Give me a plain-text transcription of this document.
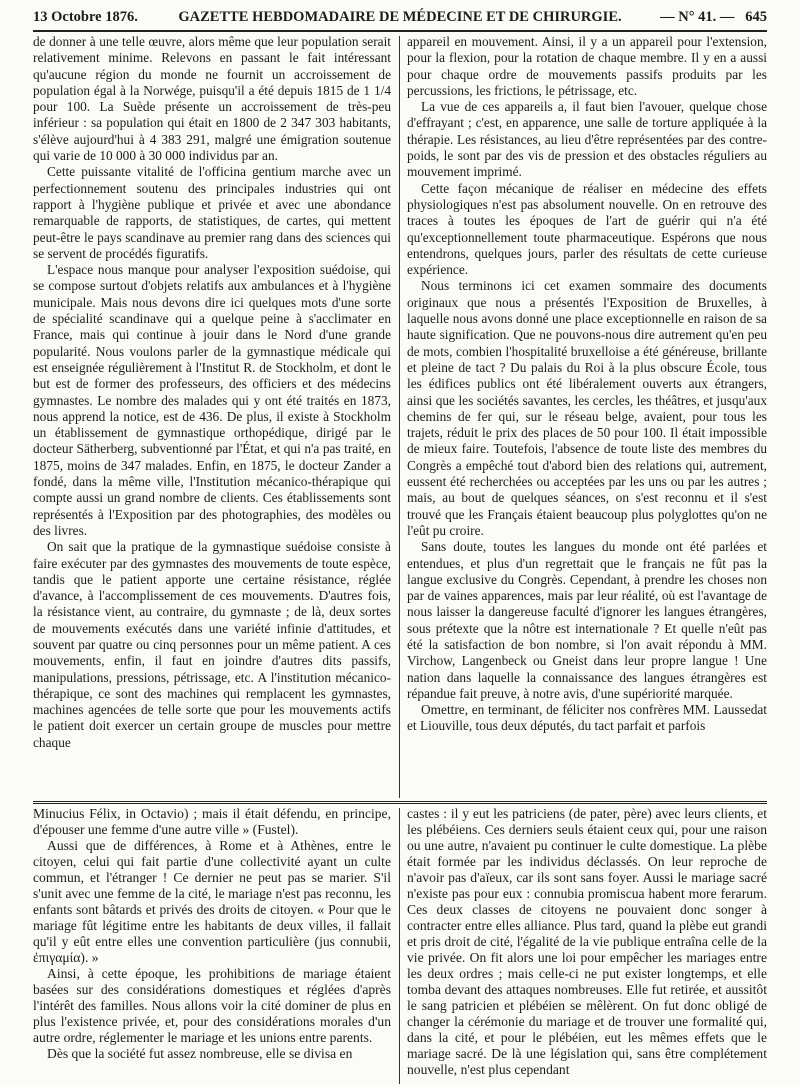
13 Octobre 1876.	GAZETTE HEBDOMADAIRE DE MÉDECINE ET DE CHIRURGIE.	— N° 41. — 645

de donner à une telle œuvre, alors même que leur population serait relativement minime. Relevons en passant le fait intéressant qu'aucune région du monde ne fournit un accroissement de population égal à la Norwége, puisqu'il a été depuis 1815 de 1 1/4 pour 100. La Suède présente un accroissement de très-peu inférieur : sa population qui était en 1800 de 2 347 303 habitants, s'élève aujourd'hui à 4 383 291, malgré une émigration soutenue qui varie de 10 000 à 30 000 individus par an.

Cette puissante vitalité de l'officina gentium marche avec un perfectionnement soutenu des principales industries qui ont rapport à l'hygiène publique et privée et avec une abondance remarquable de rapports, de statistiques, de cartes, qui mettent peut-être le pays scandinave au premier rang dans des sciences qui se servent de procédés figuratifs.

L'espace nous manque pour analyser l'exposition suédoise, qui se compose surtout d'objets relatifs aux ambulances et à l'hygiène municipale. Mais nous devons dire ici quelques mots d'une sorte de spécialité scandinave qui a quelque peine à s'acclimater en France, mais qui continue à jouir dans le Nord d'une grande popularité. Nous voulons parler de la gymnastique médicale qui est enseignée régulièrement à l'Institut R. de Stockholm, et dont le but est de former des professeurs, des officiers et des médecins gymnastes. Le nombre des malades qui y ont été traités en 1873, nous apprend la notice, est de 436. De plus, il existe à Stockholm un établissement de gymnastique orthopédique, dirigé par le docteur Sätherberg, subventionné par l'État, et qui n'a pas traité, en 1875, moins de 347 malades. Enfin, en 1875, le docteur Zander a fondé, dans la même ville, l'Institution mécanico-thérapique qui compte aussi un grand nombre de clients. Ces établissements sont représentés à l'Exposition par des photographies, des modèles ou des livres.

On sait que la pratique de la gymnastique suédoise consiste à faire exécuter par des gymnastes des mouvements de toute espèce, tandis que le patient apporte une certaine résistance, réglée d'avance, à l'accomplissement de ces mouvements. D'autres fois, la résistance vient, au contraire, du gymnaste ; de là, deux sortes de mouvements exécutés dans une variété infinie d'attitudes, et souvent par quatre ou cinq personnes pour un même patient. A ces mouvements, enfin, il faut en joindre d'autres dits passifs, manipulations, pressions, pétrissage, etc. A l'institution mécanico-thérapique, ce sont des machines qui remplacent les gymnastes, machines agencées de telle sorte que pour les mouvements actifs le patient doit exercer un certain groupe de muscles pour mettre chaque

appareil en mouvement. Ainsi, il y a un appareil pour l'extension, pour la flexion, pour la rotation de chaque membre. Il y en a aussi pour chaque ordre de mouvements passifs produits par les percussions, les frictions, le pétrissage, etc.

La vue de ces appareils a, il faut bien l'avouer, quelque chose d'effrayant ; c'est, en apparence, une salle de torture appliquée à la thérapie. Les résistances, au lieu d'être représentées par des contre-poids, le sont par des vis de pression et des obstacles réguliers au mouvement imprimé.

Cette façon mécanique de réaliser en médecine des effets physiologiques n'est pas absolument nouvelle. On en retrouve des traces à toutes les époques de l'art de guérir qui n'a été qu'exceptionnellement toute pharmaceutique. Espérons que nous entendrons, quelques jours, parler des résultats de cette curieuse expérience.

Nous terminons ici cet examen sommaire des documents originaux que nous a présentés l'Exposition de Bruxelles, à laquelle nous avons donné une place exceptionnelle en raison de sa haute signification. Que ne pouvons-nous dire autrement qu'en peu de mots, combien l'hospitalité bruxelloise a été généreuse, brillante et pleine de tact ? Du palais du Roi à la plus obscure École, tous les édifices publics ont été libéralement ouverts aux étrangers, ainsi que les sociétés savantes, les cercles, les théâtres, et jusqu'aux chemins de fer qui, sur le réseau belge, avaient, pour tous les trajets, réduit le prix des places de 50 pour 100. Il était impossible de mieux faire. Toutefois, l'absence de toute liste des membres du Congrès a empêché tout d'abord bien des relations qui, autrement, eussent été recherchées ou acceptées par les uns ou par les autres ; mais, au bout de quelques séances, on s'est reconnu et il s'est trouvé que les Français étaient beaucoup plus polyglottes qu'on ne l'eût pu croire.

Sans doute, toutes les langues du monde ont été parlées et entendues, et plus d'un regrettait que le français ne fût pas la langue exclusive du Congrès. Cependant, à prendre les choses non par de vaines apparences, mais par leur réalité, où est l'avantage de nous laisser la dangereuse faculté d'ignorer les langues étrangères, sous prétexte que la nôtre est internationale ? Et quelle n'eût pas été la satisfaction de bon nombre, si l'on avait répondu à MM. Virchow, Langenbeck ou Gneist dans leur propre langue ! Une nation dans laquelle la connaissance des langues étrangères est répandue fait preuve, à notre avis, d'une supériorité marquée.

Omettre, en terminant, de féliciter nos confrères MM. Laussedat et Liouville, tous deux députés, du tact parfait et parfois

Minucius Félix, in Octavio) ; mais il était défendu, en principe, d'épouser une femme d'une autre ville » (Fustel).

Aussi que de différences, à Rome et à Athènes, entre le citoyen, celui qui fait partie d'une collectivité ayant un culte commun, et l'étranger ! Ce dernier ne peut pas se marier. S'il s'unit avec une femme de la cité, le mariage n'est pas reconnu, les enfants sont bâtards et privés des droits de citoyen. « Pour que le mariage fût légitime entre les habitants de deux villes, il fallait qu'il y eût entre elles une convention particulière (jus connubii, ἐπιγαμία). »

Ainsi, à cette époque, les prohibitions de mariage étaient basées sur des considérations domestiques et réglées d'après l'intérêt des familles. Nous allons voir la cité dominer de plus en plus l'existence privée, et, pour des considérations morales d'un autre ordre, réglementer le mariage et les unions entre parents.

Dès que la société fut assez nombreuse, elle se divisa en

castes : il y eut les patriciens (de pater, père) avec leurs clients, et les plébéiens. Ces derniers seuls étaient ceux qui, pour une raison ou une autre, n'avaient pu continuer le culte domestique. La plèbe était formée par les individus déclassés. On leur reproche de n'avoir pas d'aïeux, car ils sont sans foyer. Aussi le mariage sacré n'existe pas pour eux : connubia promiscua habent more ferarum. Ces deux classes de citoyens ne pouvaient donc songer à contracter entre elles alliance. Plus tard, quand la plèbe eut grandi et pris droit de cité, l'égalité de la vie publique entraîna celle de la vie privée. On fit alors une loi pour empêcher les mariages entre les deux ordres ; mais celle-ci ne put exister longtemps, et elle tomba devant des attaques nombreuses. Elle fut retirée, et aussitôt le sang patricien et plébéien se mêlèrent. On fut donc obligé de changer la cérémonie du mariage et de trouver une formalité qui, dans la cité, et pour le plébéien, eut les mêmes effets que le mariage sacré. De là une législation qui, sans être complétement nouvelle, n'est plus cependant
